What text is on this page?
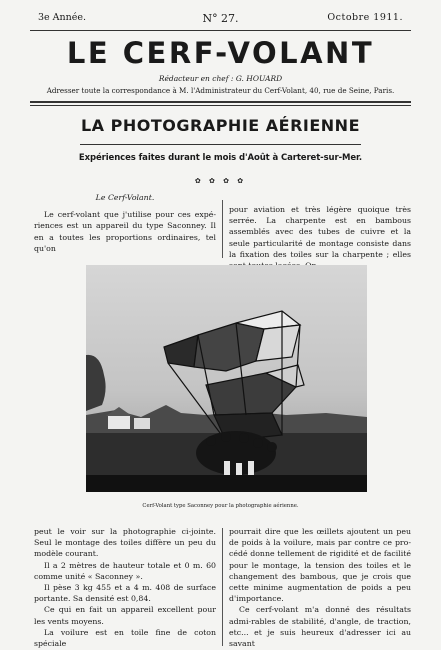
3e Année.	N° 27.	Octobre 1911.
LE CERF-VOLANT
Rédacteur en chef : G. HOUARD
Adresser toute la correspondance à M. l'Administrateur du Cerf-Volant, 40, rue de Seine, Paris.
LA PHOTOGRAPHIE AÉRIENNE
Expériences faites durant le mois d'Août à Carteret-sur-Mer.
✿ ✿ ✿ ✿

Le Cerf-Volant.

Le cerf-volant que j'utilise pour ces expé-riences est un appareil du type Saconney. Il en a toutes les proportions ordinaires, tel qu'on

pour aviation et très légère quoique très serrée. La charpente est en bambous assemblés avec des tubes de cuivre et la seule particularité de montage consiste dans la fixation des toiles sur la charpente ; elles

Cerf-Volant type Saconney pour la photographie aérienne.

peut le voir sur la photographie ci-jointe. Seul le montage des toiles diffère un peu du modèle courant.

Il a 2 mètres de hauteur totale et 0 m. 60 comme unité « Saconney ».

Il pèse 3 kg 455 et a 4 m. 408 de surface portante. Sa densité est 0,84.

Ce qui en fait un appareil excellent pour les vents moyens.

La voilure est en toile fine de coton spéciale

pourrait dire que les œillets ajoutent un peu de poids à la voilure, mais par contre ce pro-cédé donne tellement de rigidité et de facilité pour le montage, la tension des toiles et le changement des bambous, que je crois que cette minime augmentation de poids a peu d'importance.

Ce cerf-volant m'a donné des résultats admi-rables de stabilité, d'angle, de traction, etc... et je suis heureux d'adresser ici au savant
